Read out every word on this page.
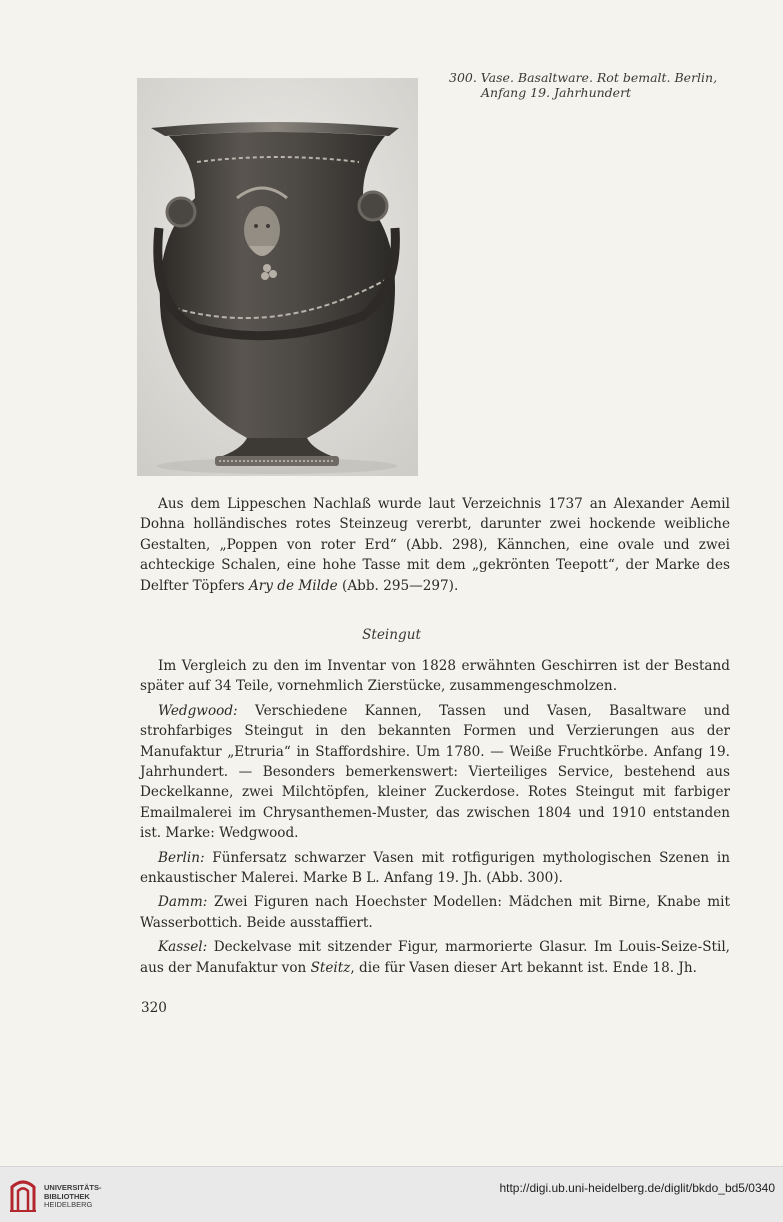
300. Vase. Basaltware. Rot bemalt. Berlin,
Anfang 19. Jahrhundert
Aus dem Lippeschen Nachlaß wurde laut Verzeichnis 1737 an Alexander Aemil Dohna holländisches rotes Steinzeug vererbt, darunter zwei hockende weibliche Gestalten, „Poppen von roter Erd“ (Abb. 298), Kännchen, eine ovale und zwei achteckige Schalen, eine hohe Tasse mit dem „gekrönten Teepott“, der Marke des Delfter Töpfers Ary de Milde (Abb. 295—297).
Steingut

Im Vergleich zu den im Inventar von 1828 erwähnten Geschirren ist der Bestand später auf 34 Teile, vornehmlich Zierstücke, zusammengeschmolzen.

Wedgwood: Verschiedene Kannen, Tassen und Vasen, Basaltware und strohfarbiges Steingut in den bekannten Formen und Verzierungen aus der Manufaktur „Etruria“ in Staffordshire. Um 1780. — Weiße Fruchtkörbe. Anfang 19. Jahrhundert. — Besonders bemerkenswert: Vierteiliges Service, bestehend aus Deckelkanne, zwei Milchtöpfen, kleiner Zuckerdose. Rotes Steingut mit farbiger Emailmalerei im Chrysanthemen-Muster, das zwischen 1804 und 1910 entstanden ist. Marke: Wedgwood.

Berlin: Fünfersatz schwarzer Vasen mit rotfigurigen mythologischen Szenen in enkaustischer Malerei. Marke B L. Anfang 19. Jh. (Abb. 300).

Damm: Zwei Figuren nach Hoechster Modellen: Mädchen mit Birne, Knabe mit Wasserbottich. Beide ausstaffiert.

Kassel: Deckelvase mit sitzender Figur, marmorierte Glasur. Im Louis-Seize-Stil, aus der Manufaktur von Steitz, die für Vasen dieser Art bekannt ist. Ende 18. Jh.

320
UNIVERSITÄTS-
BIBLIOTHEK
HEIDELBERG
http://digi.ub.uni-heidelberg.de/diglit/bkdo_bd5/0340
